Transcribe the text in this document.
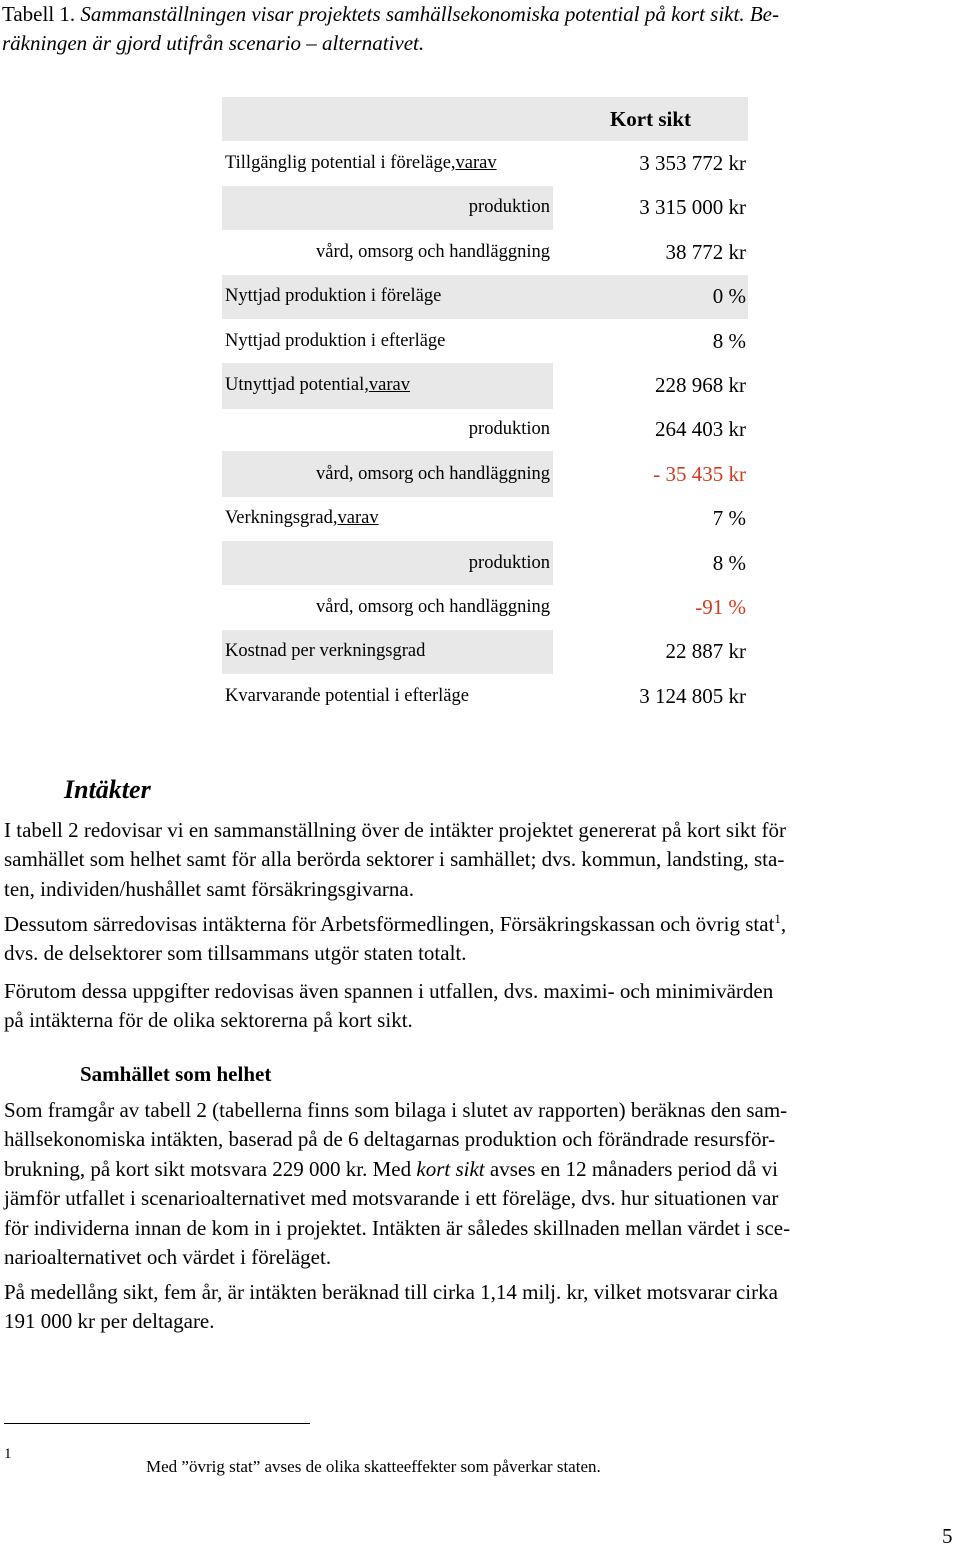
Tabell 1. Sammanställningen visar projektets samhällsekonomiska potential på kort sikt. Be-
räkningen är gjord utifrån scenario – alternativet.
Kort sikt
Tillgänglig potential i föreläge, varav	3 353 772 kr
produktion	3 315 000 kr
vård, omsorg och handläggning	38 772 kr
Nyttjad produktion i föreläge	0 %
Nyttjad produktion i efterläge	8 %
Utnyttjad potential, varav	228 968 kr
produktion	264 403 kr
vård, omsorg och handläggning	- 35 435 kr
Verkningsgrad, varav	7 %
produktion	8 %
vård, omsorg och handläggning	-91 %
Kostnad per verkningsgrad	22 887 kr
Kvarvarande potential i efterläge	3 124 805 kr
Intäkter
I tabell 2 redovisar vi en sammanställning över de intäkter projektet genererat på kort sikt för
samhället som helhet samt för alla berörda sektorer i samhället; dvs. kommun, landsting, sta-
ten, individen/hushållet samt försäkringsgivarna.
Dessutom särredovisas intäkterna för Arbetsförmedlingen, Försäkringskassan och övrig stat$^1$,
dvs. de delsektorer som tillsammans utgör staten totalt.
Förutom dessa uppgifter redovisas även spannen i utfallen, dvs. maximi- och minimivärden
på intäkterna för de olika sektorerna på kort sikt.
Samhället som helhet
Som framgår av tabell 2 (tabellerna finns som bilaga i slutet av rapporten) beräknas den sam-
hällsekonomiska intäkten, baserad på de 6 deltagarnas produktion och förändrade resursför-
brukning, på kort sikt motsvara 229 000 kr. Med kort sikt avses en 12 månaders period då vi
jämför utfallet i scenarioalternativet med motsvarande i ett föreläge, dvs. hur situationen var
för individerna innan de kom in i projektet. Intäkten är således skillnaden mellan värdet i sce-
narioalternativet och värdet i föreläget.
På medellång sikt, fem år, är intäkten beräknad till cirka 1,14 milj. kr, vilket motsvarar cirka
191 000 kr per deltagare.
1
Med ”övrig stat” avses de olika skatteeffekter som påverkar staten.
5
